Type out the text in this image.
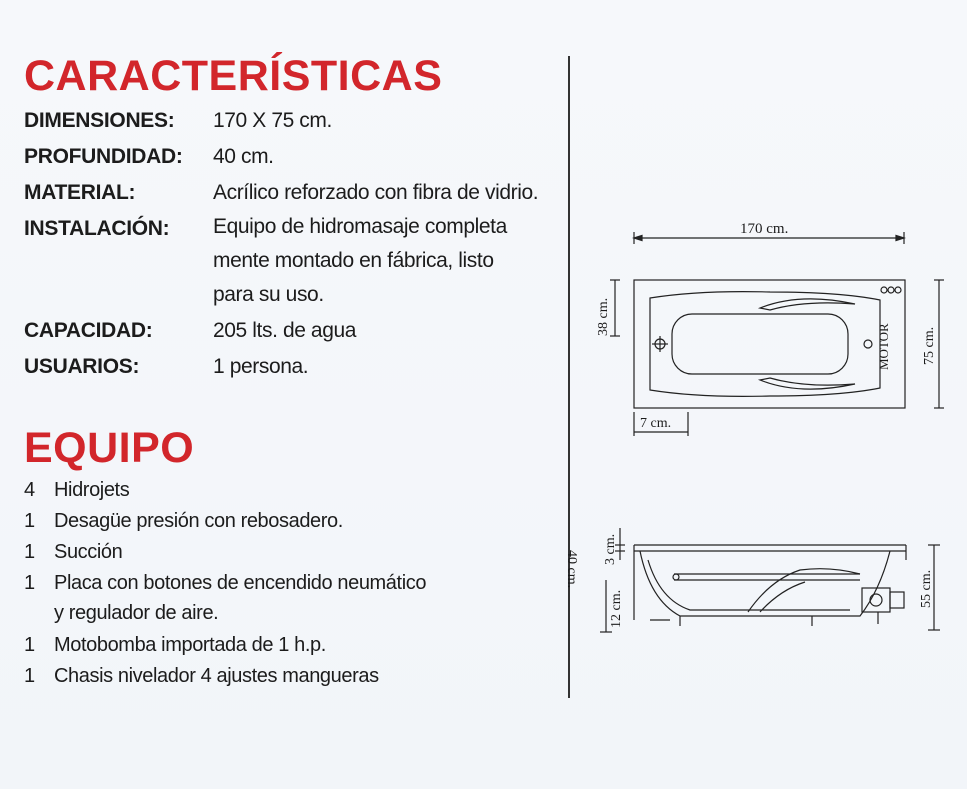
CARACTERÍSTICAS
DIMENSIONES:	170 X 75 cm.
PROFUNDIDAD:	40 cm.
MATERIAL:	Acrílico reforzado con fibra de vidrio.
INSTALACIÓN:	Equipo de hidromasaje completa
mente montado en fábrica, listo
para su uso.
CAPACIDAD:	205 lts. de agua
USUARIOS:	1 persona.
EQUIPO
4 Hidrojets
1 Desagüe presión con rebosadero.
1 Succión
1 Placa con botones de encendido neumático
y regulador de aire.
1 Motobomba importada de 1 h.p.
1 Chasis nivelador 4 ajustes mangueras
170 cm.
MOTOR
38 cm.
75 cm.
7 cm.
40 cm.
3 cm.
12 cm.
55 cm.
